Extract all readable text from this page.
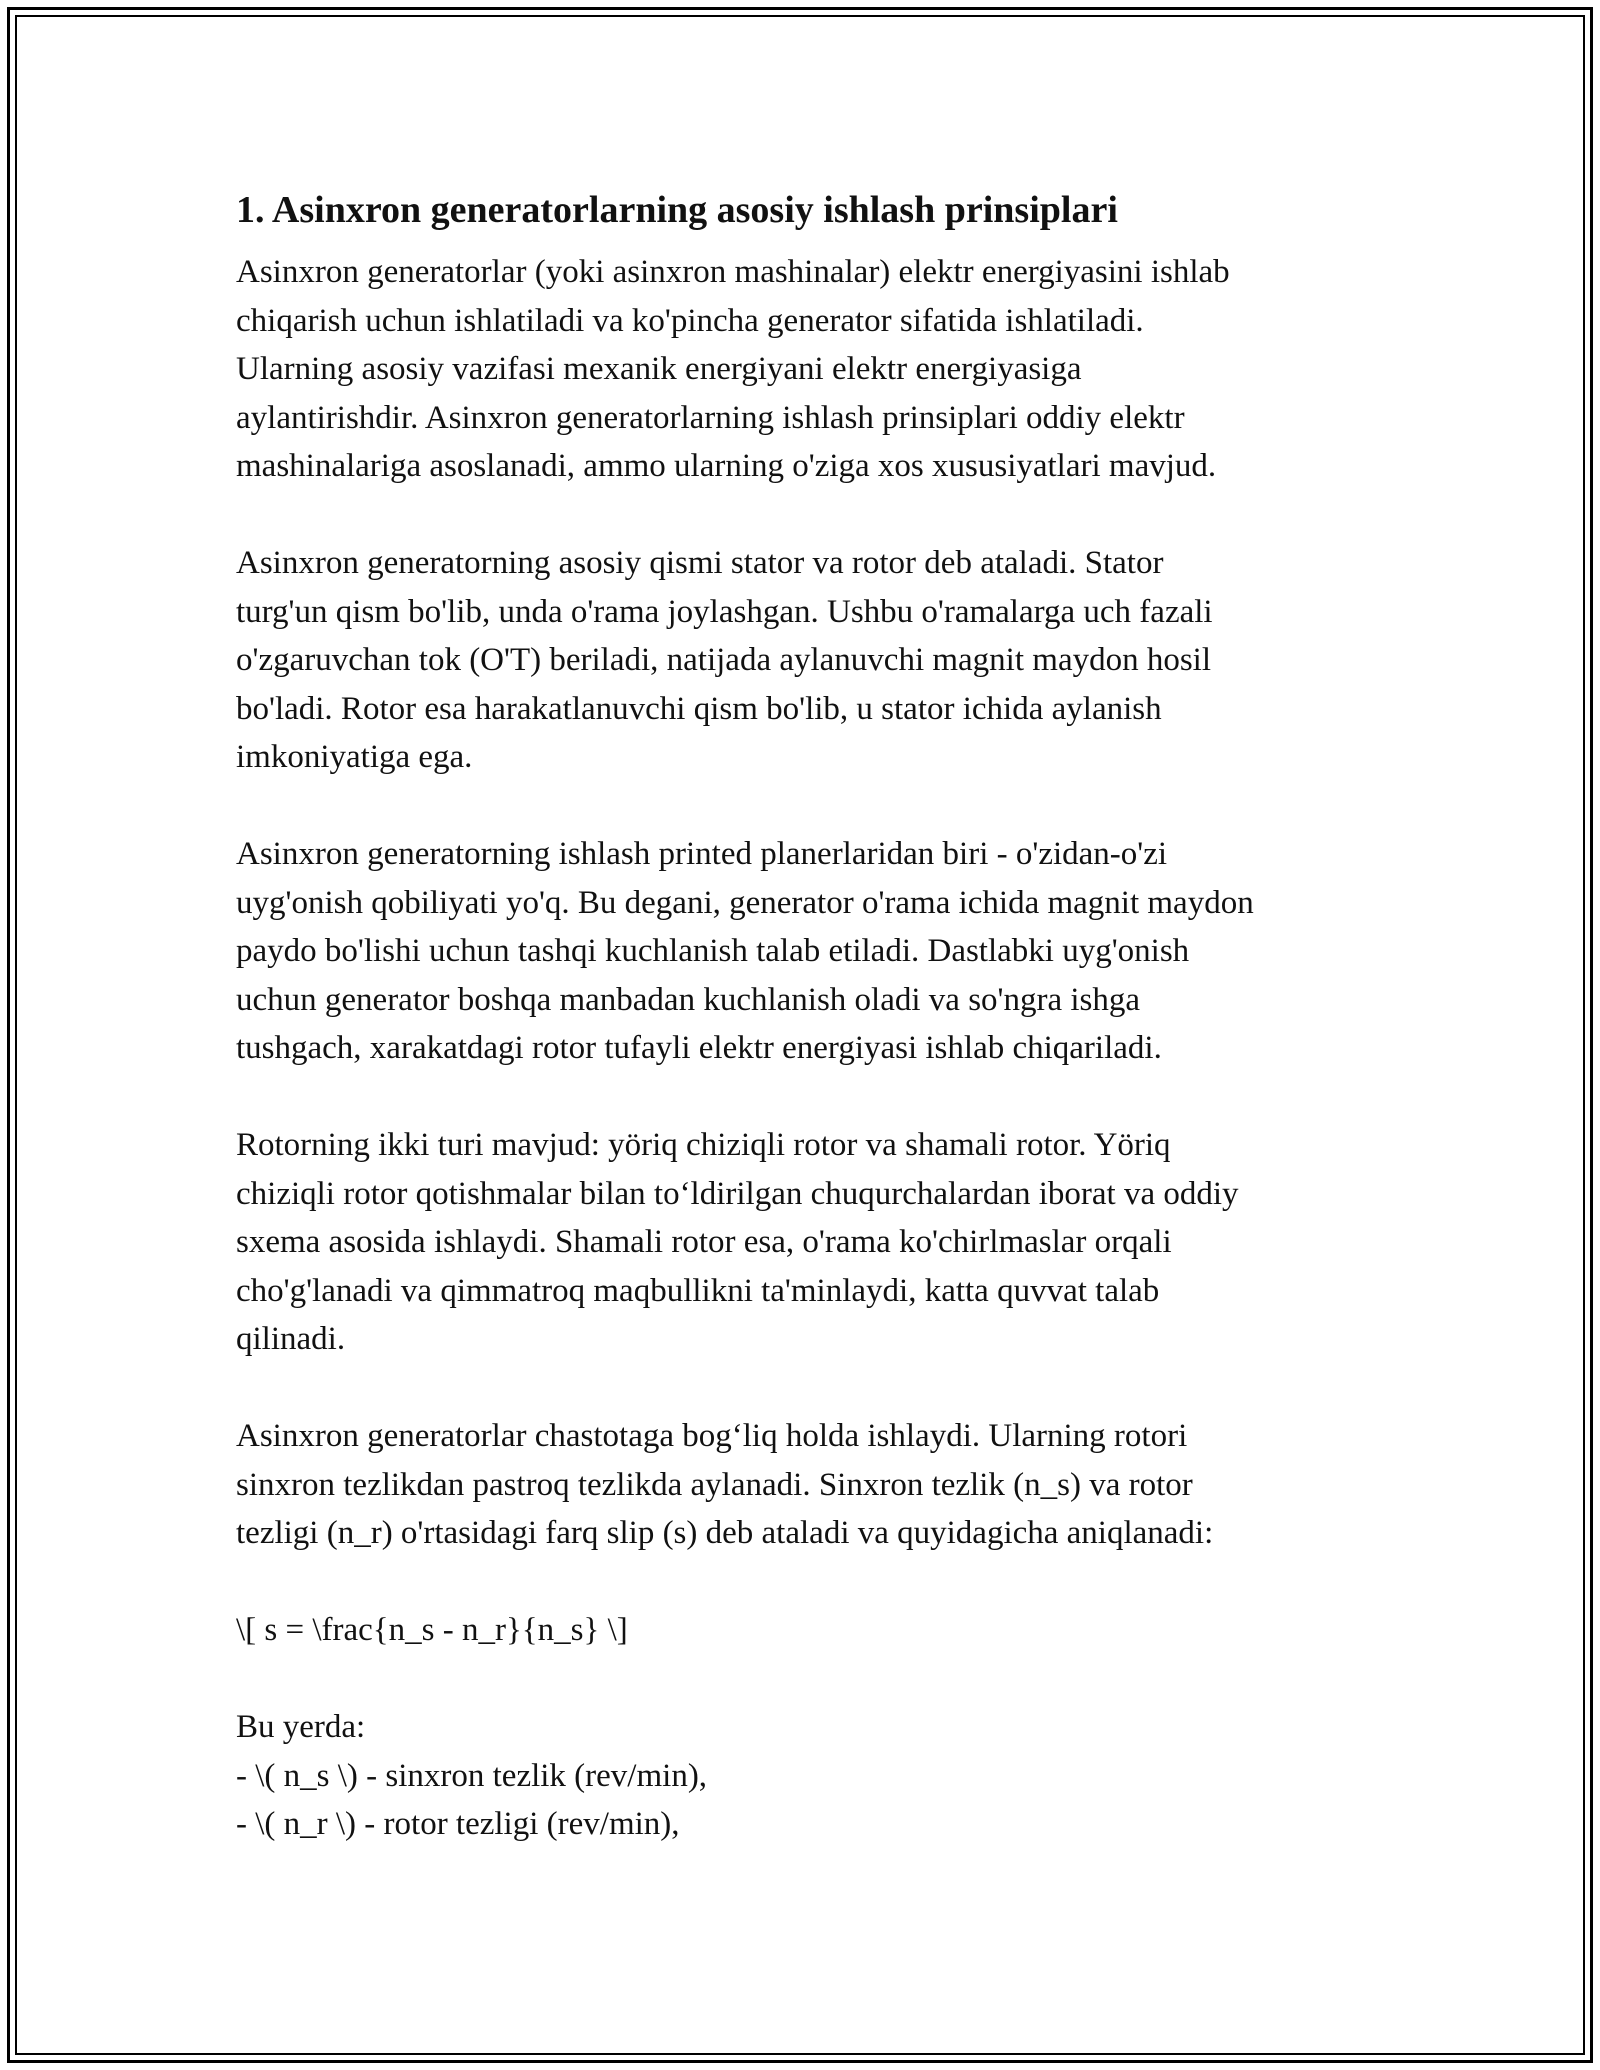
1. Asinxron generatorlarning asosiy ishlash prinsiplari

Asinxron generatorlar (yoki asinxron mashinalar) elektr energiyasini ishlab
chiqarish uchun ishlatiladi va ko'pincha generator sifatida ishlatiladi.
Ularning asosiy vazifasi mexanik energiyani elektr energiyasiga
aylantirishdir. Asinxron generatorlarning ishlash prinsiplari oddiy elektr
mashinalariga asoslanadi, ammo ularning o'ziga xos xususiyatlari mavjud.

Asinxron generatorning asosiy qismi stator va rotor deb ataladi. Stator
turg'un qism bo'lib, unda o'rama joylashgan. Ushbu o'ramalarga uch fazali
o'zgaruvchan tok (O'T) beriladi, natijada aylanuvchi magnit maydon hosil
bo'ladi. Rotor esa harakatlanuvchi qism bo'lib, u stator ichida aylanish
imkoniyatiga ega.

Asinxron generatorning ishlash printed planerlaridan biri - o'zidan-o'zi
uyg'onish qobiliyati yo'q. Bu degani, generator o'rama ichida magnit maydon
paydo bo'lishi uchun tashqi kuchlanish talab etiladi. Dastlabki uyg'onish
uchun generator boshqa manbadan kuchlanish oladi va so'ngra ishga
tushgach, xarakatdagi rotor tufayli elektr energiyasi ishlab chiqariladi.

Rotorning ikki turi mavjud: yöriq chiziqli rotor va shamali rotor. Yöriq
chiziqli rotor qotishmalar bilan to‘ldirilgan chuqurchalardan iborat va oddiy
sxema asosida ishlaydi. Shamali rotor esa, o'rama ko'chirlmaslar orqali
cho'g'lanadi va qimmatroq maqbullikni ta'minlaydi, katta quvvat talab
qilinadi.

Asinxron generatorlar chastotaga bog‘liq holda ishlaydi. Ularning rotori
sinxron tezlikdan pastroq tezlikda aylanadi. Sinxron tezlik (n_s) va rotor
tezligi (n_r) o'rtasidagi farq slip (s) deb ataladi va quyidagicha aniqlanadi:

\[ s = \frac{n_s - n_r}{n_s} \]

Bu yerda:
- \( n_s \) - sinxron tezlik (rev/min),
- \( n_r \) - rotor tezligi (rev/min),
